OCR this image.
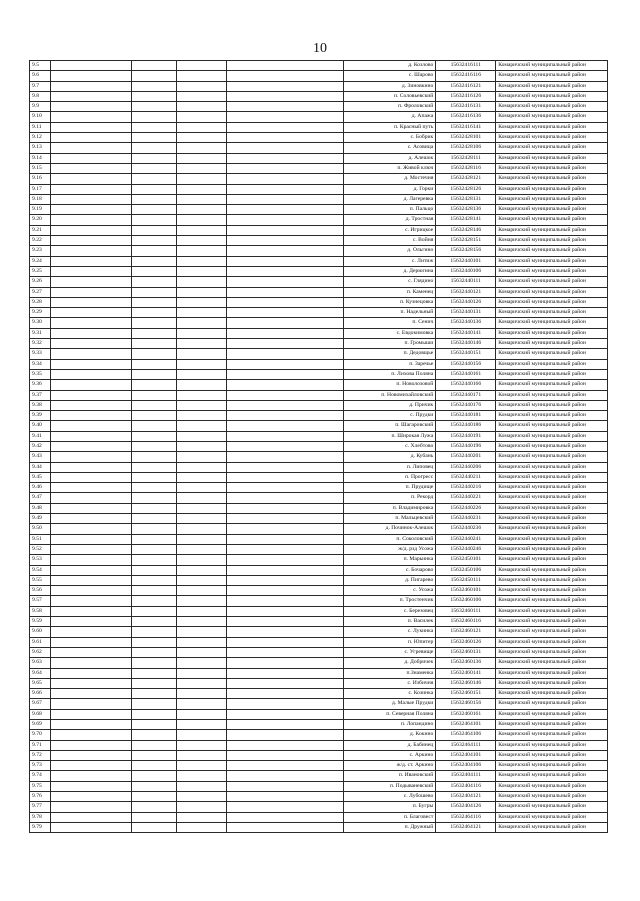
10
9.5					д. Козлово	15632416111	Комаричский муниципальный район
9.6					с. Шарово	15632416116	Комаричский муниципальный район
9.7					д. Зиновкино	15632416121	Комаричский муниципальный район
9.8					п. Соловьевский	15632416126	Комаричский муниципальный район
9.9					п. Фроловский	15632416131	Комаричский муниципальный район
9.10					д. Апажа	15632416136	Комаричский муниципальный район
9.11					п. Красный путь	15632416141	Комаричский муниципальный район
9.12					с. Бобрик	15632428101	Комаричский муниципальный район
9.13					с. Асовица	15632428106	Комаричский муниципальный район
9.14					д. Алешок	15632428111	Комаричский муниципальный район
9.15					п. Живой ключ	15632428116	Комаричский муниципальный район
9.16					д. Мостечня	15632428121	Комаричский муниципальный район
9.17					д. Горки	15632428126	Комаричский муниципальный район
9.18					д. Лагеревка	15632428131	Комаричский муниципальный район
9.19					п. Пальцо	15632428136	Комаричский муниципальный район
9.20					д. Тростная	15632428141	Комаричский муниципальный район
9.21					с. Игрицкое	15632428146	Комаричский муниципальный район
9.22					с. Войня	15632428151	Комаричский муниципальный район
9.23					д. Ольгино	15632428156	Комаричский муниципальный район
9.24					с. Литиж	15632440101	Комаричский муниципальный район
9.25					д. Дерюгина	15632440106	Комаричский муниципальный район
9.26					с. Глядино	15632440111	Комаричский муниципальный район
9.27					п. Каменец	15632440121	Комаричский муниципальный район
9.28					п. Кузнецовка	15632440126	Комаричский муниципальный район
9.29					п. Надельный	15632440131	Комаричский муниципальный район
9.30					п. Сенич	15632440136	Комаричский муниципальный район
9.31					с. Евдокимовка	15632440141	Комаричский муниципальный район
9.32					п. Громыши	15632440146	Комаричский муниципальный район
9.33					п. Дедовщье	15632440151	Комаричский муниципальный район
9.34					п. Заречье	15632440156	Комаричский муниципальный район
9.35					п. Лихова Поляна	15632440161	Комаричский муниципальный район
9.36					п. Новолозовой	15632440166	Комаричский муниципальный район
9.37					п. Новомихайловский	15632440171	Комаричский муниципальный район
9.38					д. Причик	15632440176	Комаричский муниципальный район
9.39					с. Прудки	15632440181	Комаричский муниципальный район
9.40					п. Шагаровский	15632440186	Комаричский муниципальный район
9.41					п. Широкая Лужа	15632440191	Комаричский муниципальный район
9.42					с. Хлебтово	15632440196	Комаричский муниципальный район
9.43					д. Кубань	15632440201	Комаричский муниципальный район
9.44					п. Липовец	15632440206	Комаричский муниципальный район
9.45					п. Прогресс	15632440211	Комаричский муниципальный район
9.46					п. Прудище	15632440216	Комаричский муниципальный район
9.47					п. Рекорд	15632440221	Комаричский муниципальный район
9.48					п. Владимировка	15632440226	Комаричский муниципальный район
9.49					п. Мальцевский	15632440231	Комаричский муниципальный район
9.50					д. Починок-Алешок	15632440236	Комаричский муниципальный район
9.51					п. Соколовский	15632440241	Комаричский муниципальный район
9.52					ж/д. рзд Усожа	15632440246	Комаричский муниципальный район
9.53					п. Марьинка	15632450101	Комаричский муниципальный район
9.54					с. Бочарово	15632450106	Комаричский муниципальный район
9.55					д. Пигарево	15632450111	Комаричский муниципальный район
9.56					с. Усожа	15632460101	Комаричский муниципальный район
9.57					п. Тростенчик	15632460106	Комаричский муниципальный район
9.58					с. Березовец	15632460111	Комаричский муниципальный район
9.59					п. Василек	15632460116	Комаричский муниципальный район
9.60					с. Лукинка	15632460121	Комаричский муниципальный район
9.61					п. Юпитер	15632460126	Комаричский муниципальный район
9.62					с. Угревище	15632460131	Комаричский муниципальный район
9.63					д. Добричек	15632460136	Комаричский муниципальный район
9.64					п.Знаменка	15632460141	Комаричский муниципальный район
9.65					с. Избичня	15632460146	Комаричский муниципальный район
9.66					с. Козинка	15632460151	Комаричский муниципальный район
9.67					д. Малые Прудки	15632460156	Комаричский муниципальный район
9.68					п. Северная Поляна	15632460161	Комаричский муниципальный район
9.69					п. Лопандино	15632464101	Комаричский муниципальный район
9.70					д. Кокино	15632464106	Комаричский муниципальный район
9.71					д. Бабинец	15632464111	Комаричский муниципальный район
9.72					с. Аркино	15632404101	Комаричский муниципальный район
9.73					ж/д. ст. Аркино	15632404106	Комаричский муниципальный район
9.74					п. Ивановский	15632404111	Комаричский муниципальный район
9.75					п. Подываневский	15632404116	Комаричский муниципальный район
9.76					с. Лубошево	15632404121	Комаричский муниципальный район
9.77					п. Бугры	15632404126	Комаричский муниципальный район
9.78					п. Благовест	15632464116	Комаричский муниципальный район
9.79					п. Дружный	15632464121	Комаричский муниципальный район
